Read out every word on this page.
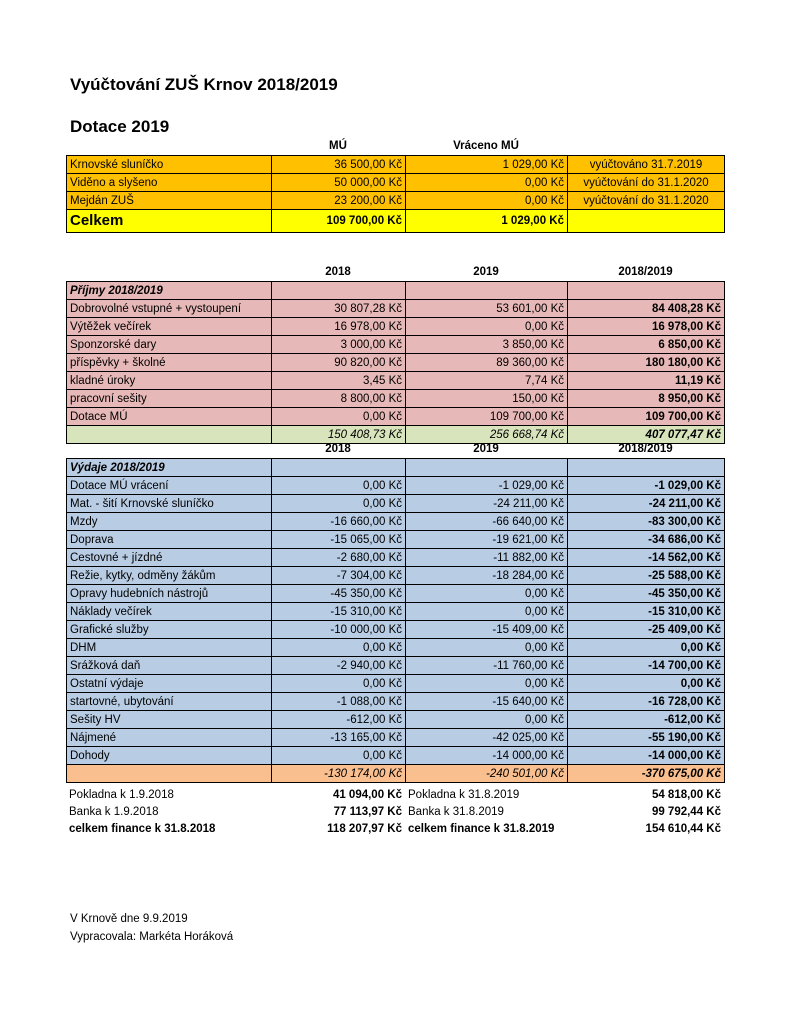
Vyúčtování ZUŠ Krnov 2018/2019
Dotace 2019
	MÚ	Vráceno MÚ	
Krnovské sluníčko	36 500,00 Kč	1 029,00 Kč	vyúčtováno 31.7.2019
Viděno a slyšeno	50 000,00 Kč	0,00 Kč	vyúčtování do 31.1.2020
Mejdán ZUŠ	23 200,00 Kč	0,00 Kč	vyúčtování do 31.1.2020
Celkem	109 700,00 Kč	1 029,00 Kč	
	2018	2019	2018/2019
Příjmy 2018/2019			
Dobrovolné vstupné + vystoupení	30 807,28 Kč	53 601,00 Kč	84 408,28 Kč
Výtěžek večírek	16 978,00 Kč	0,00 Kč	16 978,00 Kč
Sponzorské dary	3 000,00 Kč	3 850,00 Kč	6 850,00 Kč
příspěvky + školné	90 820,00 Kč	89 360,00 Kč	180 180,00 Kč
kladné úroky	3,45 Kč	7,74 Kč	11,19 Kč
pracovní sešity	8 800,00 Kč	150,00 Kč	8 950,00 Kč
Dotace MÚ	0,00 Kč	109 700,00 Kč	109 700,00 Kč
	150 408,73 Kč	256 668,74 Kč	407 077,47 Kč
	2018	2019	2018/2019
Výdaje 2018/2019			
Dotace MÚ vrácení	0,00 Kč	-1 029,00 Kč	-1 029,00 Kč
Mat. - šití Krnovské sluníčko	0,00 Kč	-24 211,00 Kč	-24 211,00 Kč
Mzdy	-16 660,00 Kč	-66 640,00 Kč	-83 300,00 Kč
Doprava	-15 065,00 Kč	-19 621,00 Kč	-34 686,00 Kč
Cestovné + jízdné	-2 680,00 Kč	-11 882,00 Kč	-14 562,00 Kč
Režie, kytky, odměny žákům	-7 304,00 Kč	-18 284,00 Kč	-25 588,00 Kč
Opravy hudebních nástrojů	-45 350,00 Kč	0,00 Kč	-45 350,00 Kč
Náklady večírek	-15 310,00 Kč	0,00 Kč	-15 310,00 Kč
Grafické služby	-10 000,00 Kč	-15 409,00 Kč	-25 409,00 Kč
DHM	0,00 Kč	0,00 Kč	0,00 Kč
Srážková daň	-2 940,00 Kč	-11 760,00 Kč	-14 700,00 Kč
Ostatní výdaje	0,00 Kč	0,00 Kč	0,00 Kč
startovné, ubytování	-1 088,00 Kč	-15 640,00 Kč	-16 728,00 Kč
Sešity HV	-612,00 Kč	0,00 Kč	-612,00 Kč
Nájmené	-13 165,00 Kč	-42 025,00 Kč	-55 190,00 Kč
Dohody	0,00 Kč	-14 000,00 Kč	-14 000,00 Kč
	-130 174,00 Kč	-240 501,00 Kč	-370 675,00 Kč
Pokladna k 1.9.2018	41 094,00 Kč	Pokladna k 31.8.2019	54 818,00 Kč
Banka k 1.9.2018	77 113,97 Kč	Banka k 31.8.2019	99 792,44 Kč
celkem finance k 31.8.2018	118 207,97 Kč	celkem finance k 31.8.2019	154 610,44 Kč
V Krnově dne 9.9.2019
Vypracovala: Markéta Horáková
